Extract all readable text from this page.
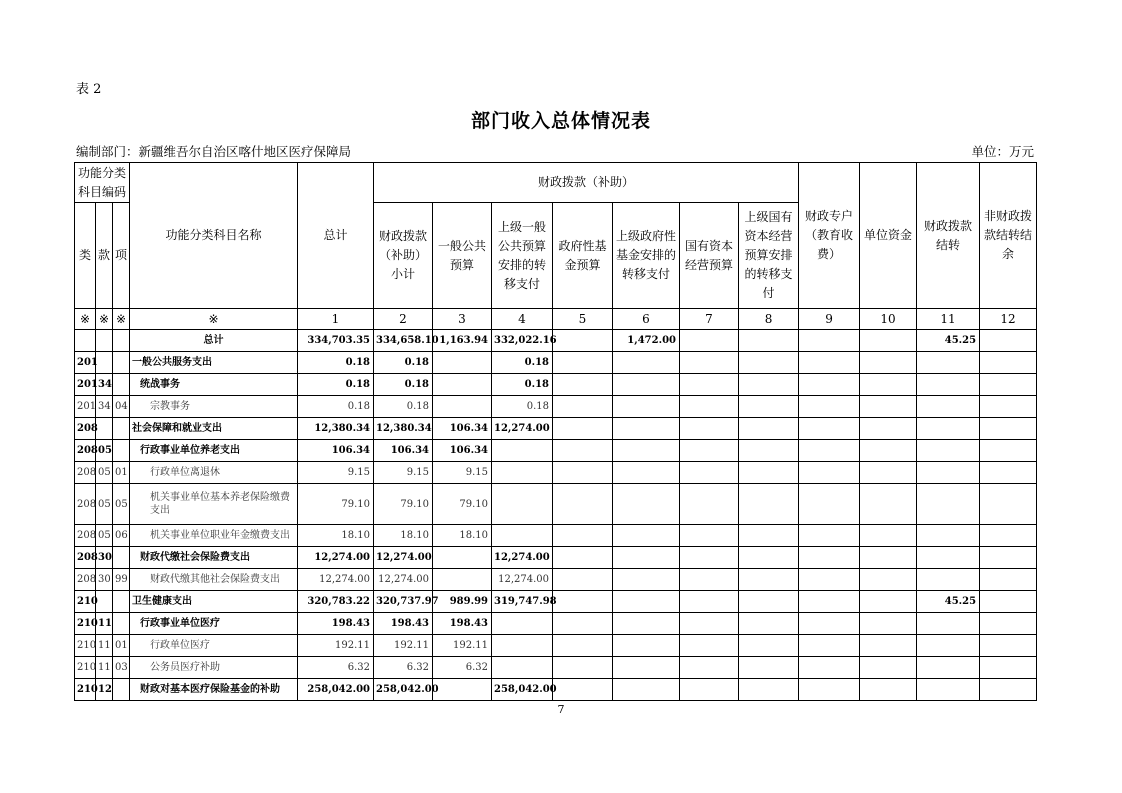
表 2
部门收入总体情况表
编制部门：新疆维吾尔自治区喀什地区医疗保障局	单位：万元
功能分类科目编码			功能分类科目名称	总计	财政拨款（补助）							财政专户（教育收费）	单位资金	财政拨款结转	非财政拨款结转结余
类	款	项													
					财政拨款（补助）小计	一般公共预算	上级一般公共预算安排的转移支付	政府性基金预算	上级政府性基金安排的转移支付	国有资本经营预算	上级国有资本经营预算安排的转移支付				
※	※	※	※	1	2	3	4	5	6	7	8	9	10	11	12
			总计	334,703.35	334,658.10	1,163.94	332,022.16		1,472.00					45.25	
201			一般公共服务支出	0.18	0.18		0.18								
201	34		统战事务	0.18	0.18		0.18								
201	34	04	宗教事务	0.18	0.18		0.18								
208			社会保障和就业支出	12,380.34	12,380.34	106.34	12,274.00								
208	05		行政事业单位养老支出	106.34	106.34	106.34									
208	05	01	行政单位离退休	9.15	9.15	9.15									
208	05	05	机关事业单位基本养老保险缴费支出	79.10	79.10	79.10									
208	05	06	机关事业单位职业年金缴费支出	18.10	18.10	18.10									
208	30		财政代缴社会保险费支出	12,274.00	12,274.00		12,274.00								
208	30	99	财政代缴其他社会保险费支出	12,274.00	12,274.00		12,274.00								
210			卫生健康支出	320,783.22	320,737.97	989.99	319,747.98							45.25	
210	11		行政事业单位医疗	198.43	198.43	198.43									
210	11	01	行政单位医疗	192.11	192.11	192.11									
210	11	03	公务员医疗补助	6.32	6.32	6.32									
210	12		财政对基本医疗保险基金的补助	258,042.00	258,042.00		258,042.00								
7
